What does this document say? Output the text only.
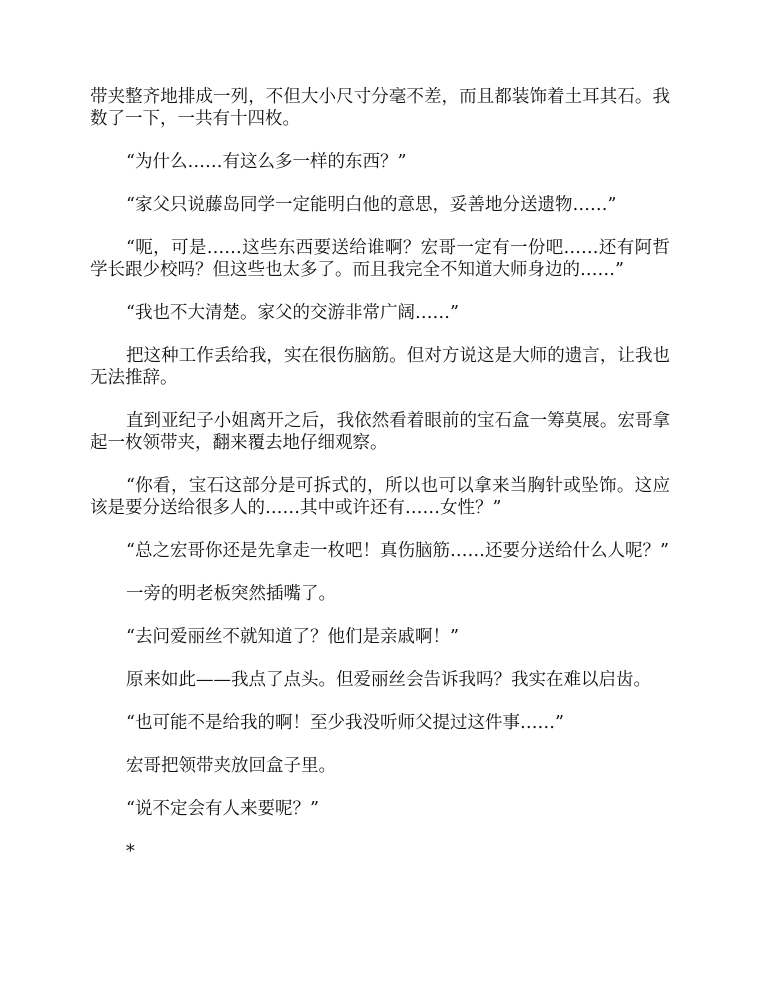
带夹整齐地排成一列，不但大小尺寸分毫不差，而且都装饰着土耳其石。我数了一下，一共有十四枚。

“为什么……有这么多一样的东西？”

“家父只说藤岛同学一定能明白他的意思，妥善地分送遗物……”

“呃，可是……这些东西要送给谁啊？宏哥一定有一份吧……还有阿哲学长跟少校吗？但这些也太多了。而且我完全不知道大师身边的……”

“我也不大清楚。家父的交游非常广阔……”

把这种工作丢给我，实在很伤脑筋。但对方说这是大师的遗言，让我也无法推辞。

直到亚纪子小姐离开之后，我依然看着眼前的宝石盒一筹莫展。宏哥拿起一枚领带夹，翻来覆去地仔细观察。

“你看，宝石这部分是可拆式的，所以也可以拿来当胸针或坠饰。这应该是要分送给很多人的……其中或许还有……女性？”

“总之宏哥你还是先拿走一枚吧！真伤脑筋……还要分送给什么人呢？”

一旁的明老板突然插嘴了。

“去问爱丽丝不就知道了？他们是亲戚啊！”

原来如此——我点了点头。但爱丽丝会告诉我吗？我实在难以启齿。

“也可能不是给我的啊！至少我没听师父提过这件事……”

宏哥把领带夹放回盒子里。

“说不定会有人来要呢？”

*
